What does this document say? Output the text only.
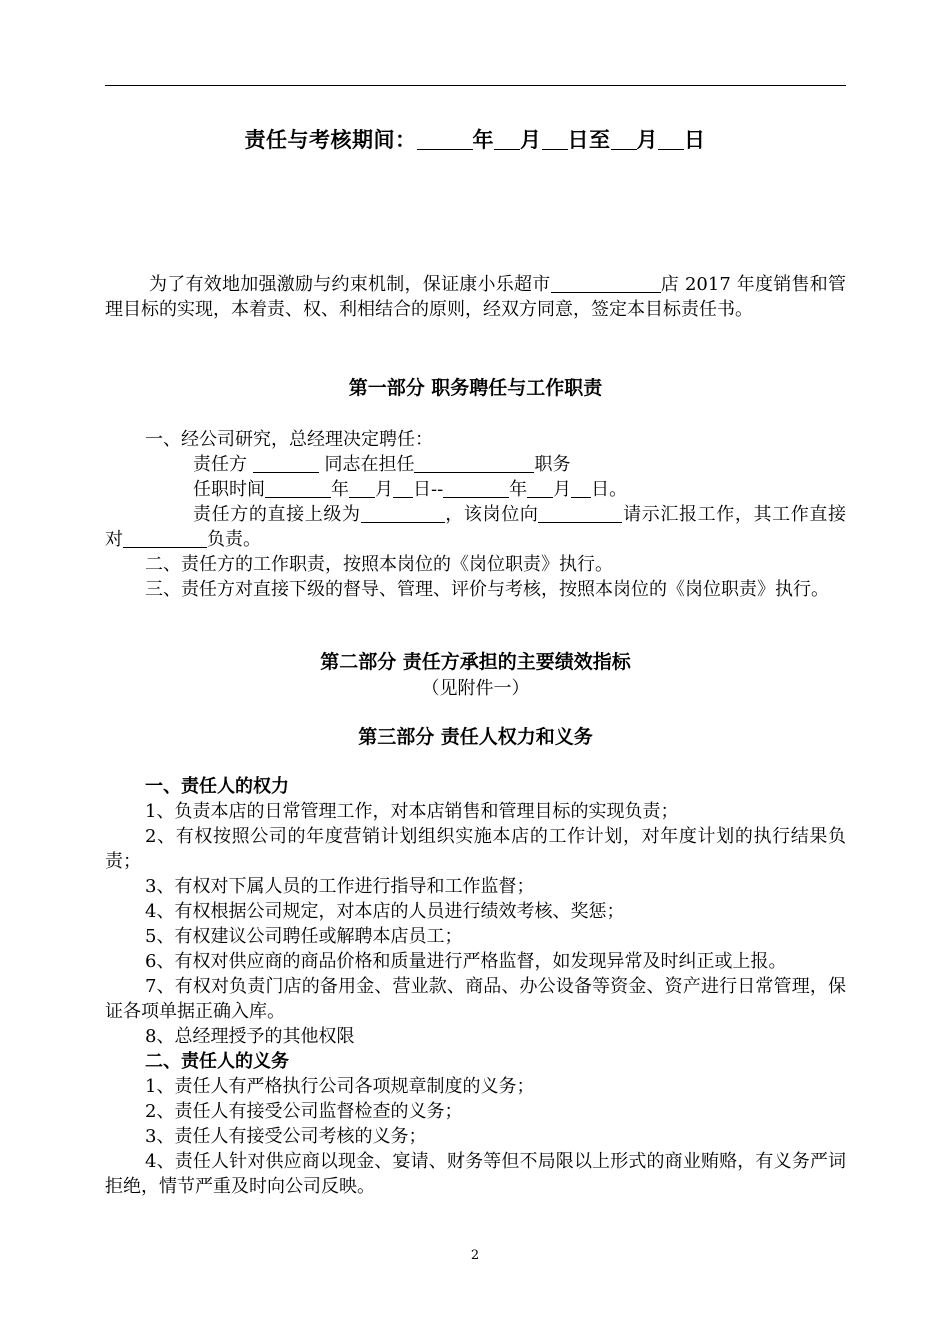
责任与考核期间：	年 月 日至 月 日

为了有效地加强激励与约束机制，保证康小乐超市	店 2017 年度销售和管理目标的实现，本着责、权、利相结合的原则，经双方同意，签定本目标责任书。

第一部分 职务聘任与工作职责

一、经公司研究，总经理决定聘任：

责任方	同志在担任	职务

任职时间	年 月 日--	年 月 日。

责任方的直接上级为	，该岗位向	请示汇报工作，其工作直接对	负责。

二、责任方的工作职责，按照本岗位的《岗位职责》执行。

三、责任方对直接下级的督导、管理、评价与考核，按照本岗位的《岗位职责》执行。

第二部分 责任方承担的主要绩效指标
（见附件一）
第三部分 责任人权力和义务

一、责任人的权力

1、负责本店的日常管理工作，对本店销售和管理目标的实现负责；

2、有权按照公司的年度营销计划组织实施本店的工作计划，对年度计划的执行结果负责；

3、有权对下属人员的工作进行指导和工作监督；

4、有权根据公司规定，对本店的人员进行绩效考核、奖惩；

5、有权建议公司聘任或解聘本店员工；

6、有权对供应商的商品价格和质量进行严格监督，如发现异常及时纠正或上报。

7、有权对负责门店的备用金、营业款、商品、办公设备等资金、资产进行日常管理，保证各项单据正确入库。

8、总经理授予的其他权限

二、责任人的义务

1、责任人有严格执行公司各项规章制度的义务；

2、责任人有接受公司监督检查的义务；

3、责任人有接受公司考核的义务；

4、责任人针对供应商以现金、宴请、财务等但不局限以上形式的商业贿赂，有义务严词拒绝，情节严重及时向公司反映。

2
